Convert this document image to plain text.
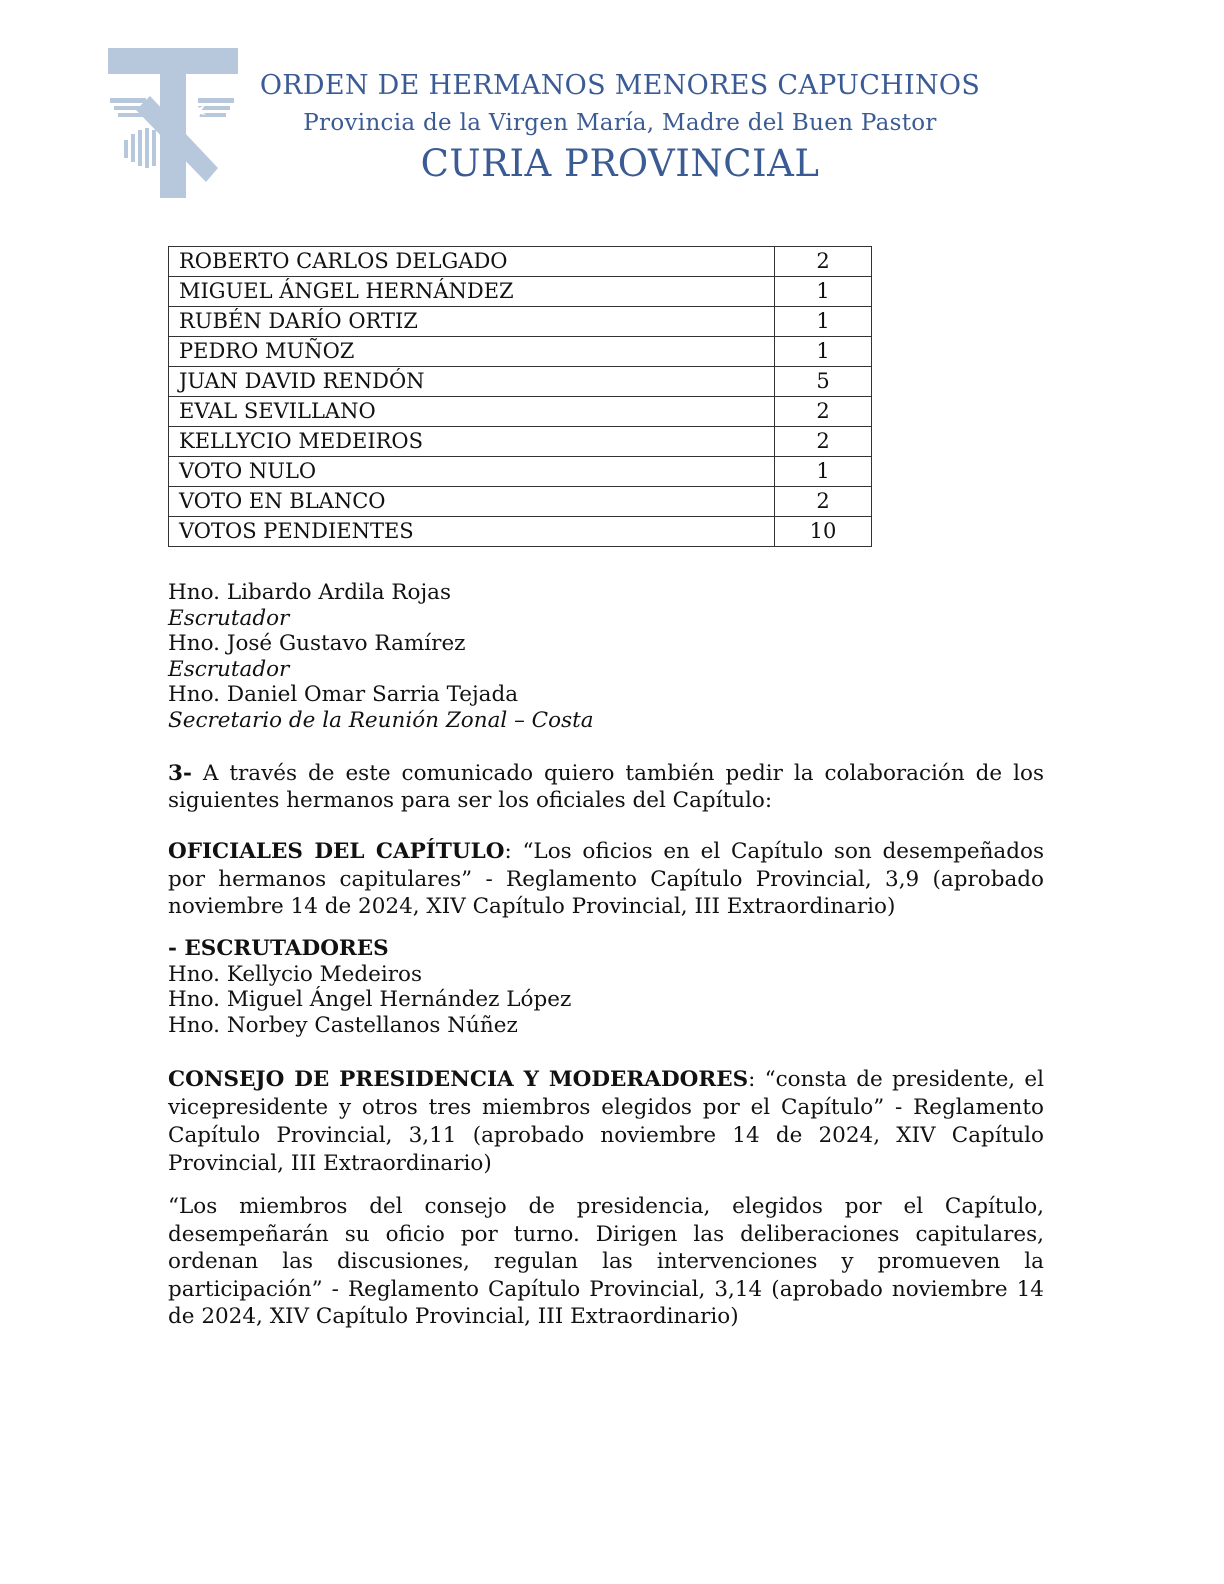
ORDEN DE HERMANOS MENORES CAPUCHINOS
Provincia de la Virgen María, Madre del Buen Pastor
CURIA PROVINCIAL
ROBERTO CARLOS DELGADO	2
MIGUEL ÁNGEL HERNÁNDEZ	1
RUBÉN DARÍO ORTIZ	1
PEDRO MUÑOZ	1
JUAN DAVID RENDÓN	5
EVAL SEVILLANO	2
KELLYCIO MEDEIROS	2
VOTO NULO	1
VOTO EN BLANCO	2
VOTOS PENDIENTES	10
Hno. Libardo Ardila Rojas
Escrutador
Hno. José Gustavo Ramírez
Escrutador
Hno. Daniel Omar Sarria Tejada
Secretario de la Reunión Zonal – Costa
3- A través de este comunicado quiero también pedir la colaboración de los siguientes hermanos para ser los oficiales del Capítulo:
OFICIALES DEL CAPÍTULO: “Los oficios en el Capítulo son desempeñados por hermanos capitulares” - Reglamento Capítulo Provincial, 3,9 (aprobado noviembre 14 de 2024, XIV Capítulo Provincial, III Extraordinario)
- ESCRUTADORES
Hno. Kellycio Medeiros
Hno. Miguel Ángel Hernández López
Hno. Norbey Castellanos Núñez
CONSEJO DE PRESIDENCIA Y MODERADORES: “consta de presidente, el vicepresidente y otros tres miembros elegidos por el Capítulo” - Reglamento Capítulo Provincial, 3,11 (aprobado noviembre 14 de 2024, XIV Capítulo Provincial, III Extraordinario)
“Los miembros del consejo de presidencia, elegidos por el Capítulo, desempeñarán su oficio por turno. Dirigen las deliberaciones capitulares, ordenan las discusiones, regulan las intervenciones y promueven la participación” - Reglamento Capítulo Provincial, 3,14 (aprobado noviembre 14 de 2024, XIV Capítulo Provincial, III Extraordinario)
